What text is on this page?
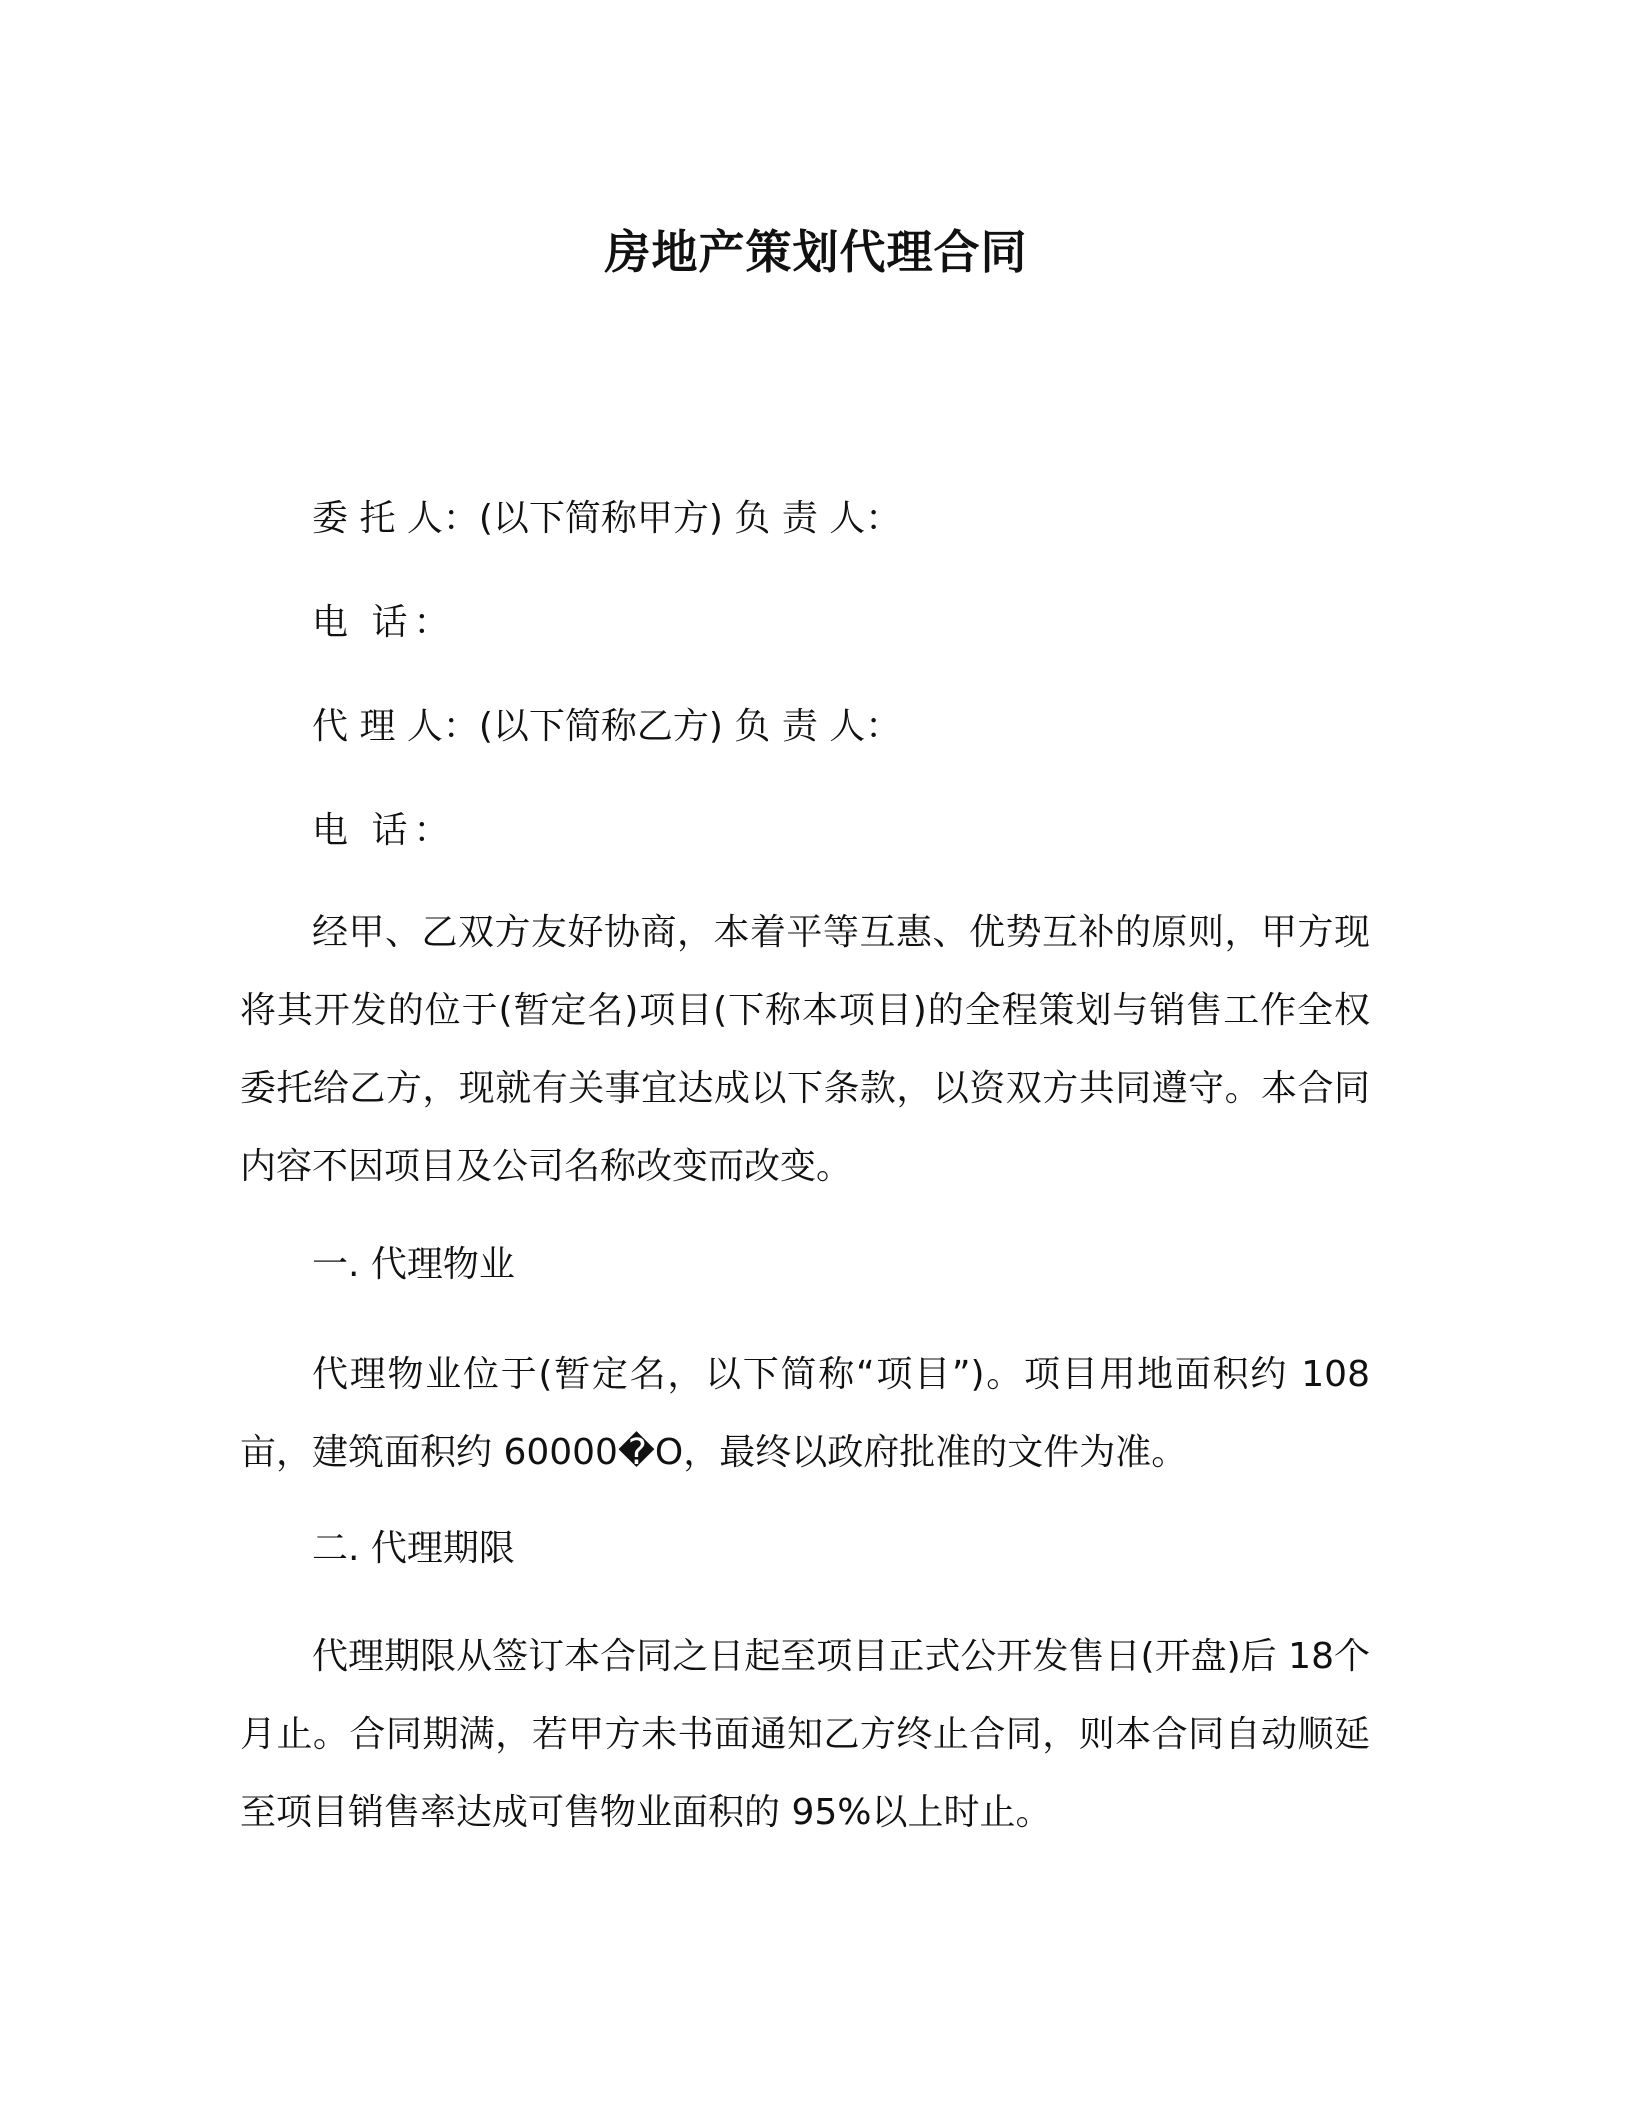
房地产策划代理合同
委 托 人：(以下简称甲方) 负 责 人：
电 话：
代 理 人：(以下简称乙方) 负 责 人：
电 话：
经甲、乙双方友好协商，本着平等互惠、优势互补的原则，甲方现将其开发的位于(暂定名)项目(下称本项目)的全程策划与销售工作全权委托给乙方，现就有关事宜达成以下条款，以资双方共同遵守。本合同内容不因项目及公司名称改变而改变。
一. 代理物业
代理物业位于(暂定名，以下简称“项目”)。项目用地面积约 108亩，建筑面积约 60000�O，最终以政府批准的文件为准。
二. 代理期限
代理期限从签订本合同之日起至项目正式公开发售日(开盘)后 18个月止。合同期满，若甲方未书面通知乙方终止合同，则本合同自动顺延至项目销售率达成可售物业面积的 95%以上时止。
